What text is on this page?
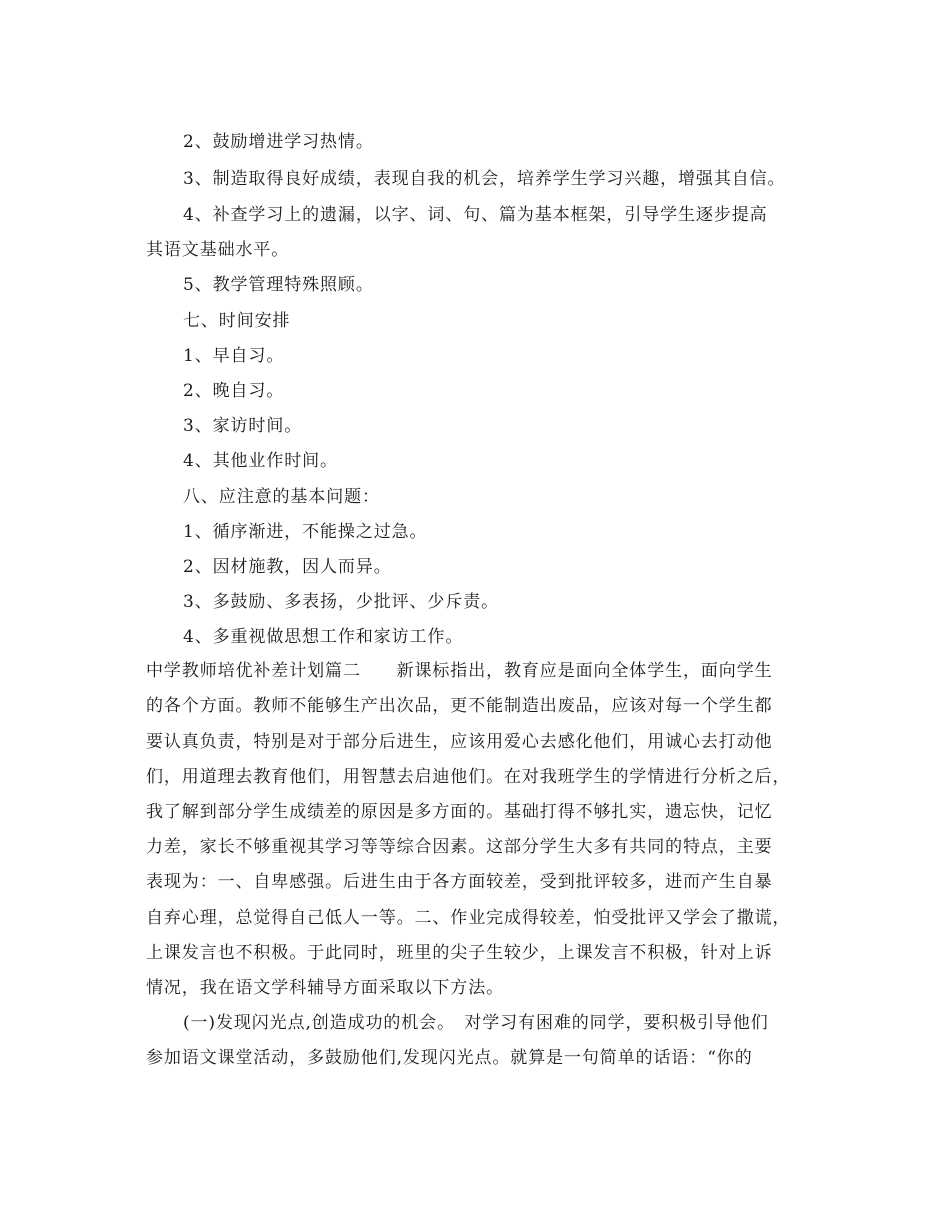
2、鼓励增进学习热情。
3、制造取得良好成绩，表现自我的机会，培养学生学习兴趣，增强其自信。
4、补查学习上的遗漏，以字、词、句、篇为基本框架，引导学生逐步提高
其语文基础水平。
5、教学管理特殊照顾。
七、时间安排
1、早自习。
2、晚自习。
3、家访时间。
4、其他业作时间。
八、应注意的基本问题：
1、循序渐进，不能操之过急。
2、因材施教，因人而异。
3、多鼓励、多表扬，少批评、少斥责。
4、多重视做思想工作和家访工作。
中学教师培优补差计划篇二　　新课标指出，教育应是面向全体学生，面向学生
的各个方面。教师不能够生产出次品，更不能制造出废品，应该对每一个学生都
要认真负责，特别是对于部分后进生，应该用爱心去感化他们，用诚心去打动他
们，用道理去教育他们，用智慧去启迪他们。在对我班学生的学情进行分析之后，
我了解到部分学生成绩差的原因是多方面的。基础打得不够扎实，遗忘快，记忆
力差，家长不够重视其学习等等综合因素。这部分学生大多有共同的特点，主要
表现为：一、自卑感强。后进生由于各方面较差，受到批评较多，进而产生自暴
自弃心理，总觉得自己低人一等。二、作业完成得较差，怕受批评又学会了撒谎，
上课发言也不积极。于此同时，班里的尖子生较少，上课发言不积极，针对上诉
情况，我在语文学科辅导方面采取以下方法。
(一)发现闪光点,创造成功的机会。　对学习有困难的同学，要积极引导他们
参加语文课堂活动，多鼓励他们,发现闪光点。就算是一句简单的话语：“你的
